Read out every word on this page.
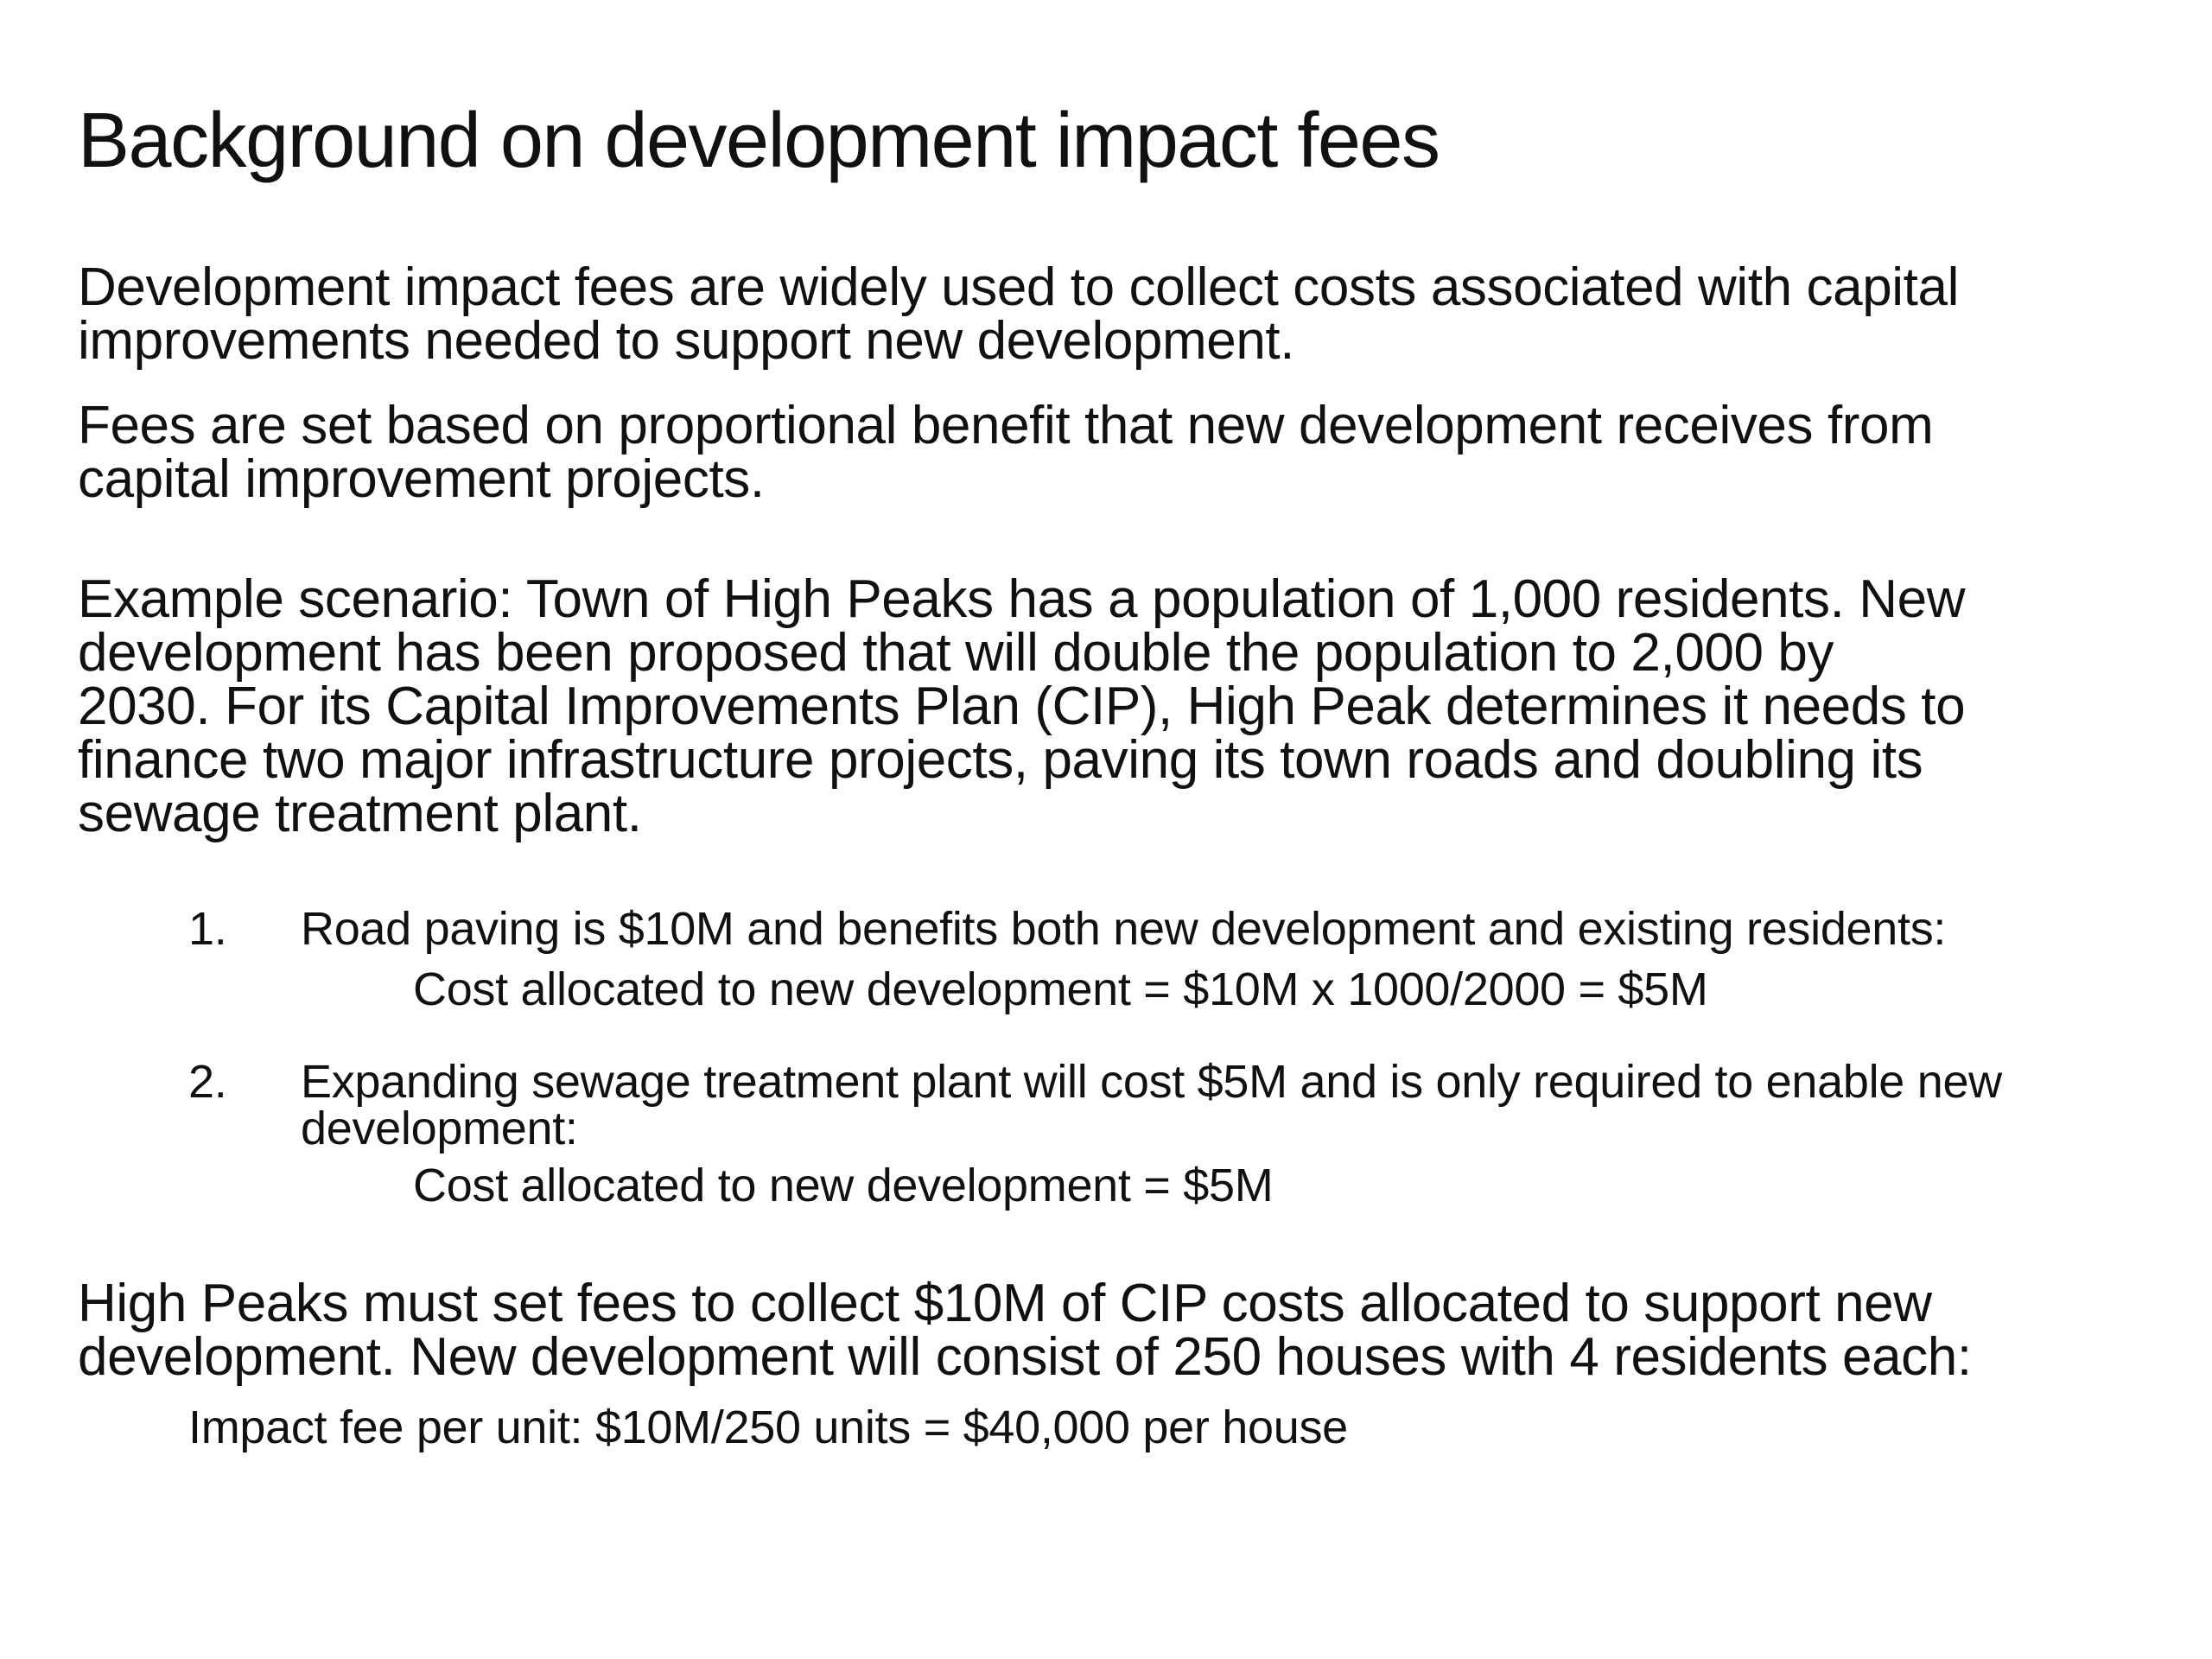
Background on development impact fees
Development impact fees are widely used to collect costs associated with capital
improvements needed to support new development.
Fees are set based on proportional benefit that new development receives from
capital improvement projects.
Example scenario: Town of High Peaks has a population of 1,000 residents. New
development has been proposed that will double the population to 2,000 by
2030. For its Capital Improvements Plan (CIP), High Peak determines it needs to
finance two major infrastructure projects, paving its town roads and doubling its
sewage treatment plant.
1. Road paving is $10M and benefits both new development and existing residents:
Cost allocated to new development = $10M x 1000/2000 = $5M
2. Expanding sewage treatment plant will cost $5M and is only required to enable new
development:
Cost allocated to new development = $5M
High Peaks must set fees to collect $10M of CIP costs allocated to support new
development. New development will consist of 250 houses with 4 residents each:
Impact fee per unit: $10M/250 units = $40,000 per house
